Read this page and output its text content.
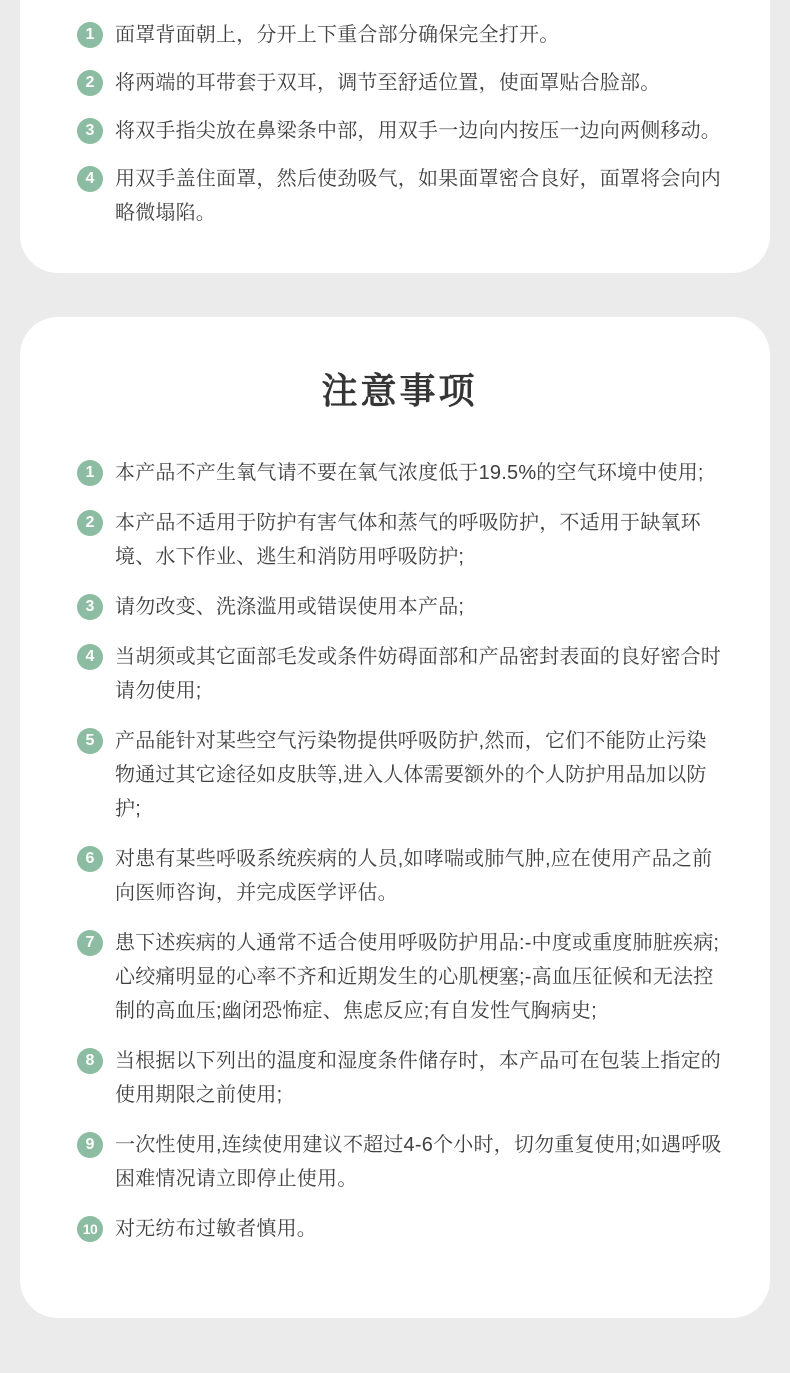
1	面罩背面朝上，分开上下重合部分确保完全打开。
2	将两端的耳带套于双耳，调节至舒适位置，使面罩贴合脸部。
3	将双手指尖放在鼻梁条中部，用双手一边向内按压一边向两侧移动。
4	用双手盖住面罩，然后使劲吸气，如果面罩密合良好，面罩将会向内略微塌陷。
注意事项
1	本产品不产生氧气请不要在氧气浓度低于19.5%的空气环境中使用;
2	本产品不适用于防护有害气体和蒸气的呼吸防护，不适用于缺氧环境、水下作业、逃生和消防用呼吸防护;
3	请勿改变、洗涤滥用或错误使用本产品;
4	当胡须或其它面部毛发或条件妨碍面部和产品密封表面的良好密合时请勿使用;
5	产品能针对某些空气污染物提供呼吸防护,然而，它们不能防止污染物通过其它途径如皮肤等,进入人体需要额外的个人防护用品加以防护;
6	对患有某些呼吸系统疾病的人员,如哮喘或肺气肿,应在使用产品之前向医师咨询，并完成医学评估。
7	患下述疾病的人通常不适合使用呼吸防护用品:-中度或重度肺脏疾病;心绞痛明显的心率不齐和近期发生的心肌梗塞;-高血压征候和无法控制的高血压;幽闭恐怖症、焦虑反应;有自发性气胸病史;
8	当根据以下列出的温度和湿度条件储存时，本产品可在包装上指定的使用期限之前使用;
9	一次性使用,连续使用建议不超过4-6个小时，切勿重复使用;如遇呼吸困难情况请立即停止使用。
10 对无纺布过敏者慎用。
